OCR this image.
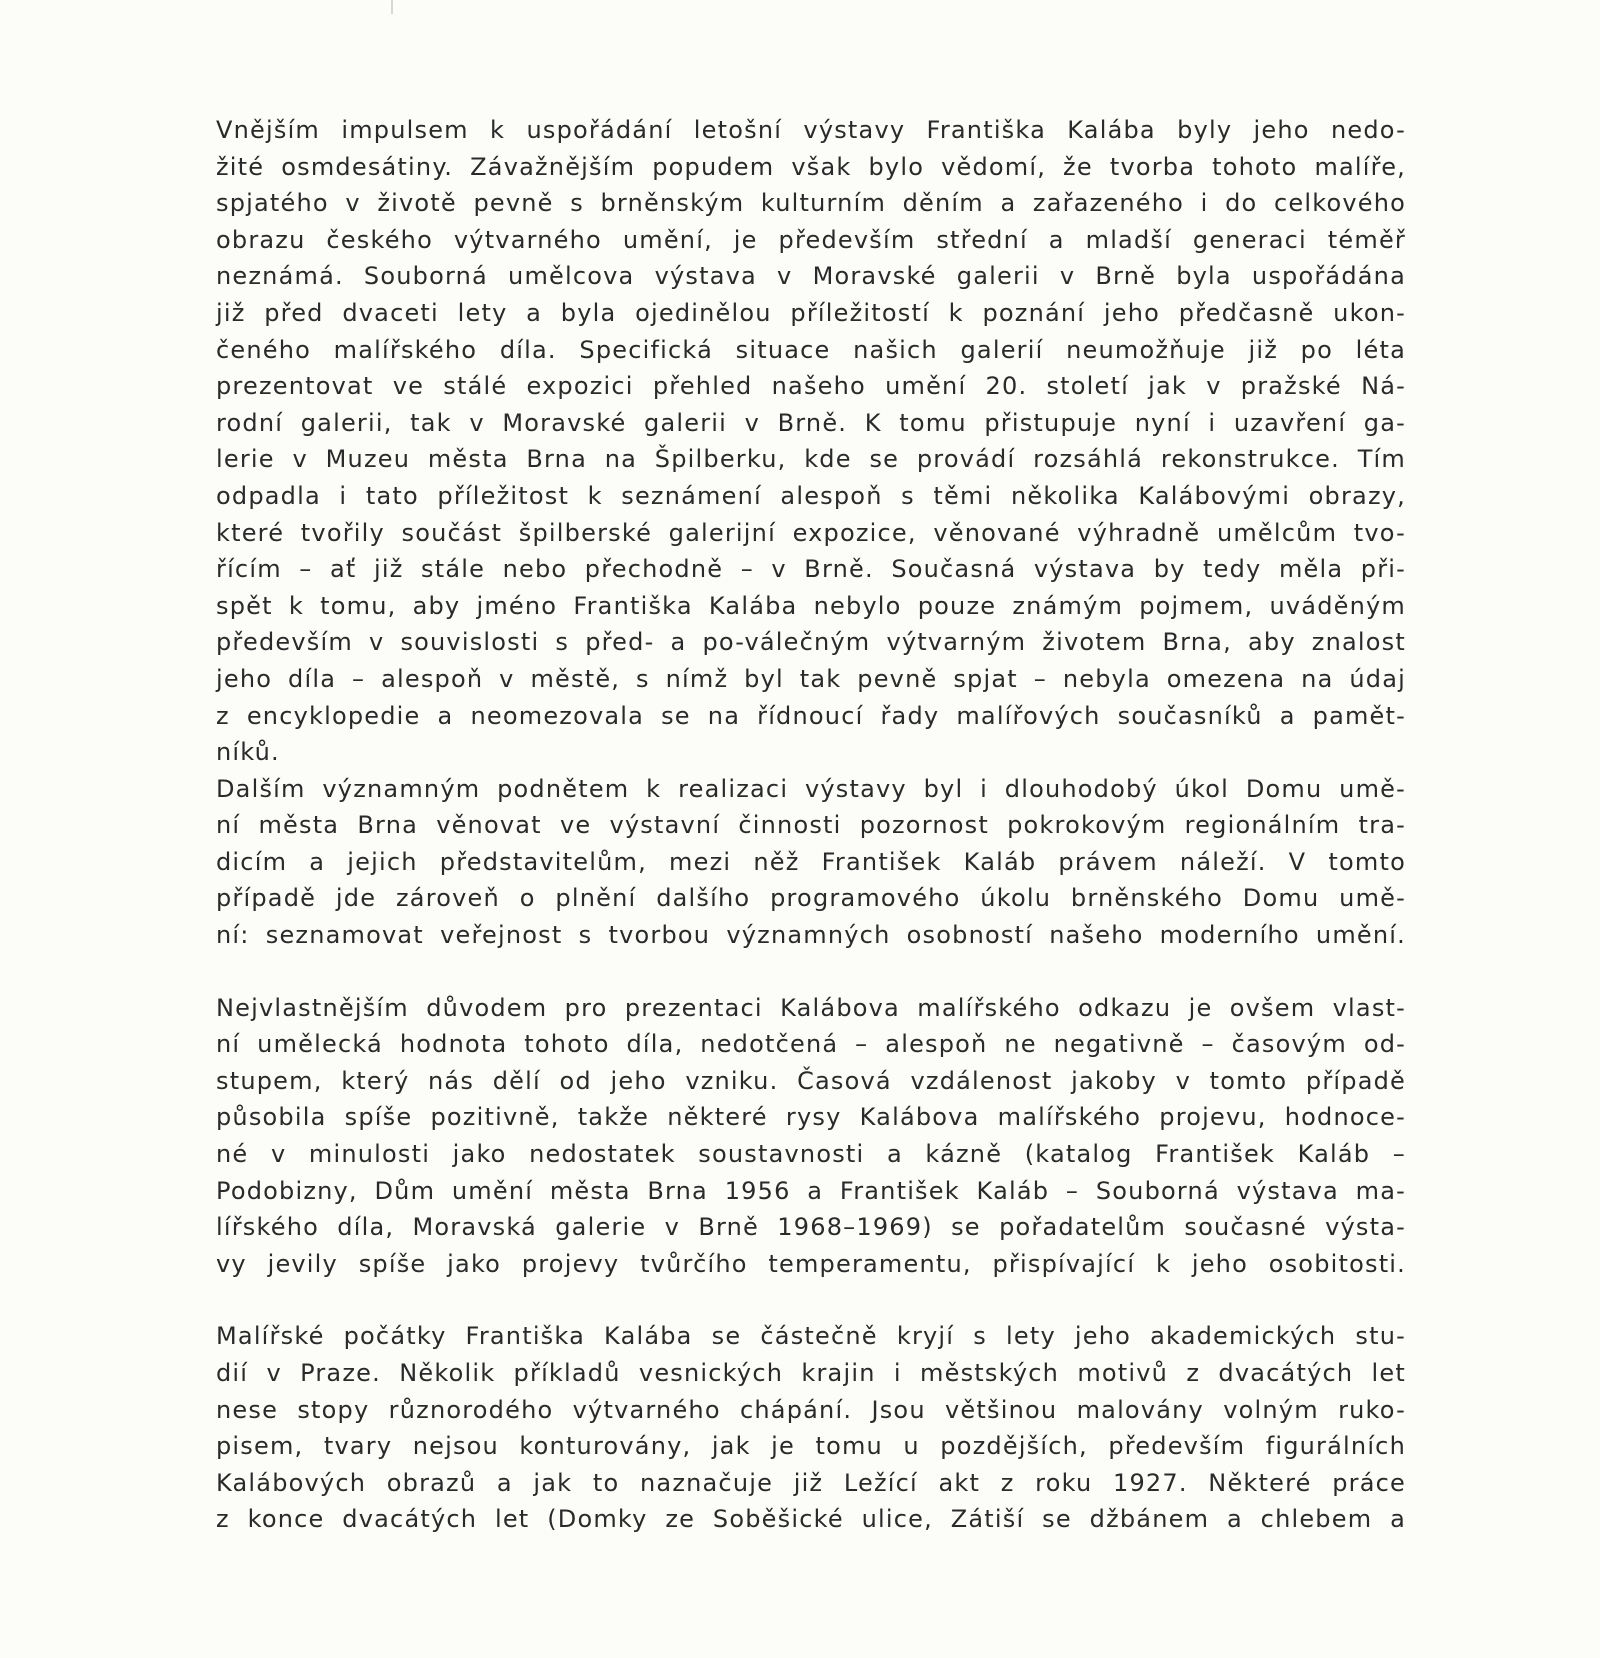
Vnějším impulsem k uspořádání letošní výstavy Františka Kalába byly jeho nedo-
žité osmdesátiny. Závažnějším popudem však bylo vědomí, že tvorba tohoto malíře,
spjatého v životě pevně s brněnským kulturním děním a zařazeného i do celkového
obrazu českého výtvarného umění, je především střední a mladší generaci téměř
neznámá. Souborná umělcova výstava v Moravské galerii v Brně byla uspořádána
již před dvaceti lety a byla ojedinělou příležitostí k poznání jeho předčasně ukon-
čeného malířského díla. Specifická situace našich galerií neumožňuje již po léta
prezentovat ve stálé expozici přehled našeho umění 20. století jak v pražské Ná-
rodní galerii, tak v Moravské galerii v Brně. K tomu přistupuje nyní i uzavření ga-
lerie v Muzeu města Brna na Špilberku, kde se provádí rozsáhlá rekonstrukce. Tím
odpadla i tato příležitost k seznámení alespoň s těmi několika Kalábovými obrazy,
které tvořily součást špilberské galerijní expozice, věnované výhradně umělcům tvo-
řícím – ať již stále nebo přechodně – v Brně. Současná výstava by tedy měla při-
spět k tomu, aby jméno Františka Kalába nebylo pouze známým pojmem, uváděným
především v souvislosti s před- a po-válečným výtvarným životem Brna, aby znalost
jeho díla – alespoň v městě, s nímž byl tak pevně spjat – nebyla omezena na údaj
z encyklopedie a neomezovala se na řídnoucí řady malířových současníků a pamět-
níků.
Dalším významným podnětem k realizaci výstavy byl i dlouhodobý úkol Domu umě-
ní města Brna věnovat ve výstavní činnosti pozornost pokrokovým regionálním tra-
dicím a jejich představitelům, mezi něž František Kaláb právem náleží. V tomto
případě jde zároveň o plnění dalšího programového úkolu brněnského Domu umě-
ní: seznamovat veřejnost s tvorbou významných osobností našeho moderního umění.
Nejvlastnějším důvodem pro prezentaci Kalábova malířského odkazu je ovšem vlast-
ní umělecká hodnota tohoto díla, nedotčená – alespoň ne negativně – časovým od-
stupem, který nás dělí od jeho vzniku. Časová vzdálenost jakoby v tomto případě
působila spíše pozitivně, takže některé rysy Kalábova malířského projevu, hodnoce-
né v minulosti jako nedostatek soustavnosti a kázně (katalog František Kaláb –
Podobizny, Dům umění města Brna 1956 a František Kaláb – Souborná výstava ma-
lířského díla, Moravská galerie v Brně 1968–1969) se pořadatelům současné výsta-
vy jevily spíše jako projevy tvůrčího temperamentu, přispívající k jeho osobitosti.
Malířské počátky Františka Kalába se částečně kryjí s lety jeho akademických stu-
dií v Praze. Několik příkladů vesnických krajin i městských motivů z dvacátých let
nese stopy různorodého výtvarného chápání. Jsou většinou malovány volným ruko-
pisem, tvary nejsou konturovány, jak je tomu u pozdějších, především figurálních
Kalábových obrazů a jak to naznačuje již Ležící akt z roku 1927. Některé práce
z konce dvacátých let (Domky ze Soběšické ulice, Zátiší se džbánem a chlebem a
